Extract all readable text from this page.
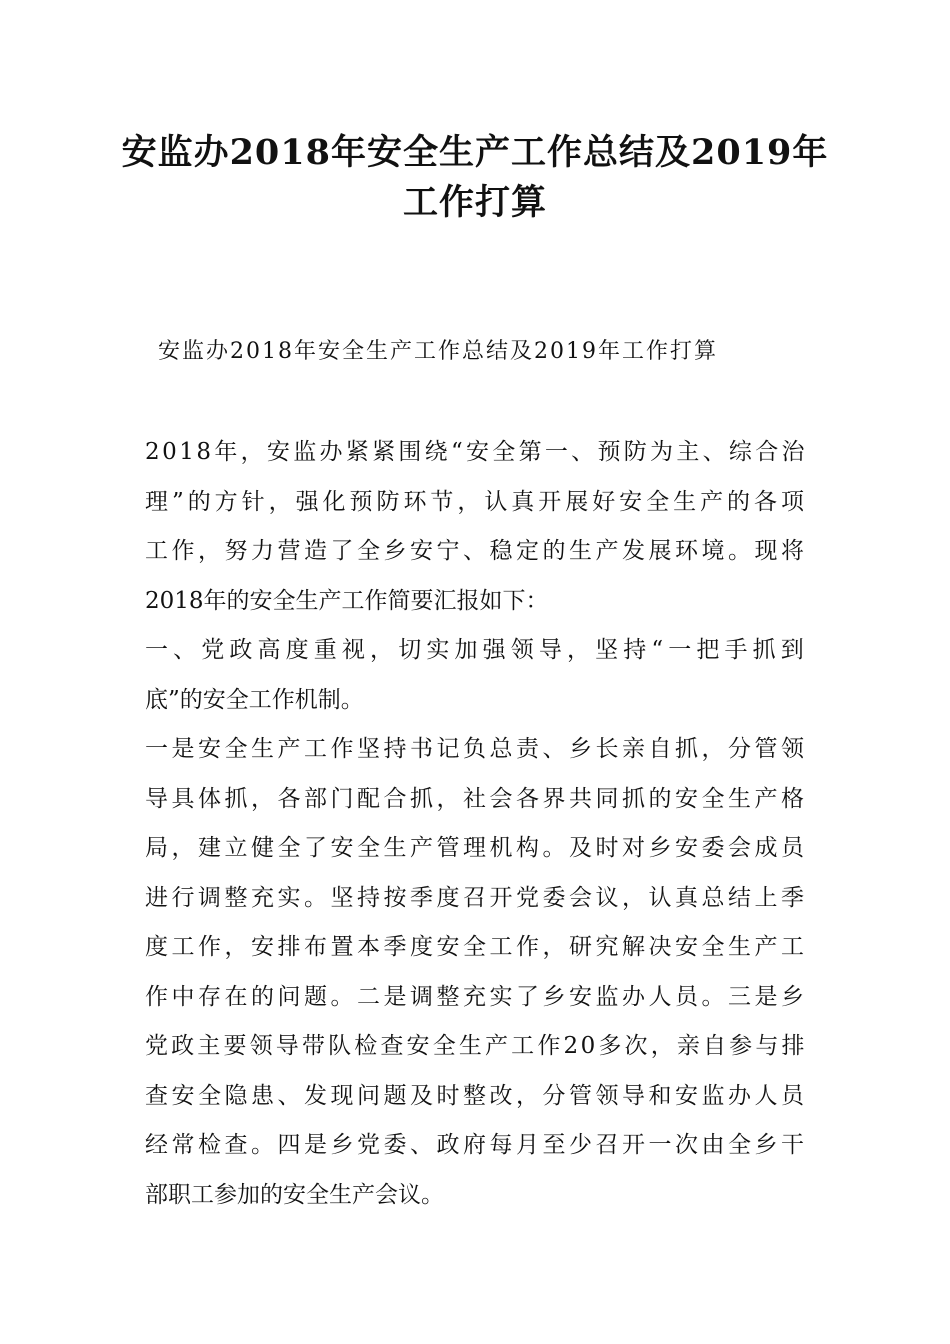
安监办2018年安全生产工作总结及2019年
工作打算
安监办2018年安全生产工作总结及2019年工作打算
2018年，安监办紧紧围绕“安全第一、预防为主、综合治
理”的方针，强化预防环节，认真开展好安全生产的各项
工作，努力营造了全乡安宁、稳定的生产发展环境。现将
2018年的安全生产工作简要汇报如下：
一、党政高度重视，切实加强领导，坚持“一把手抓到
底”的安全工作机制。
一是安全生产工作坚持书记负总责、乡长亲自抓，分管领
导具体抓，各部门配合抓，社会各界共同抓的安全生产格
局，建立健全了安全生产管理机构。及时对乡安委会成员
进行调整充实。坚持按季度召开党委会议，认真总结上季
度工作，安排布置本季度安全工作，研究解决安全生产工
作中存在的问题。二是调整充实了乡安监办人员。三是乡
党政主要领导带队检查安全生产工作20多次，亲自参与排
查安全隐患、发现问题及时整改，分管领导和安监办人员
经常检查。四是乡党委、政府每月至少召开一次由全乡干
部职工参加的安全生产会议。
